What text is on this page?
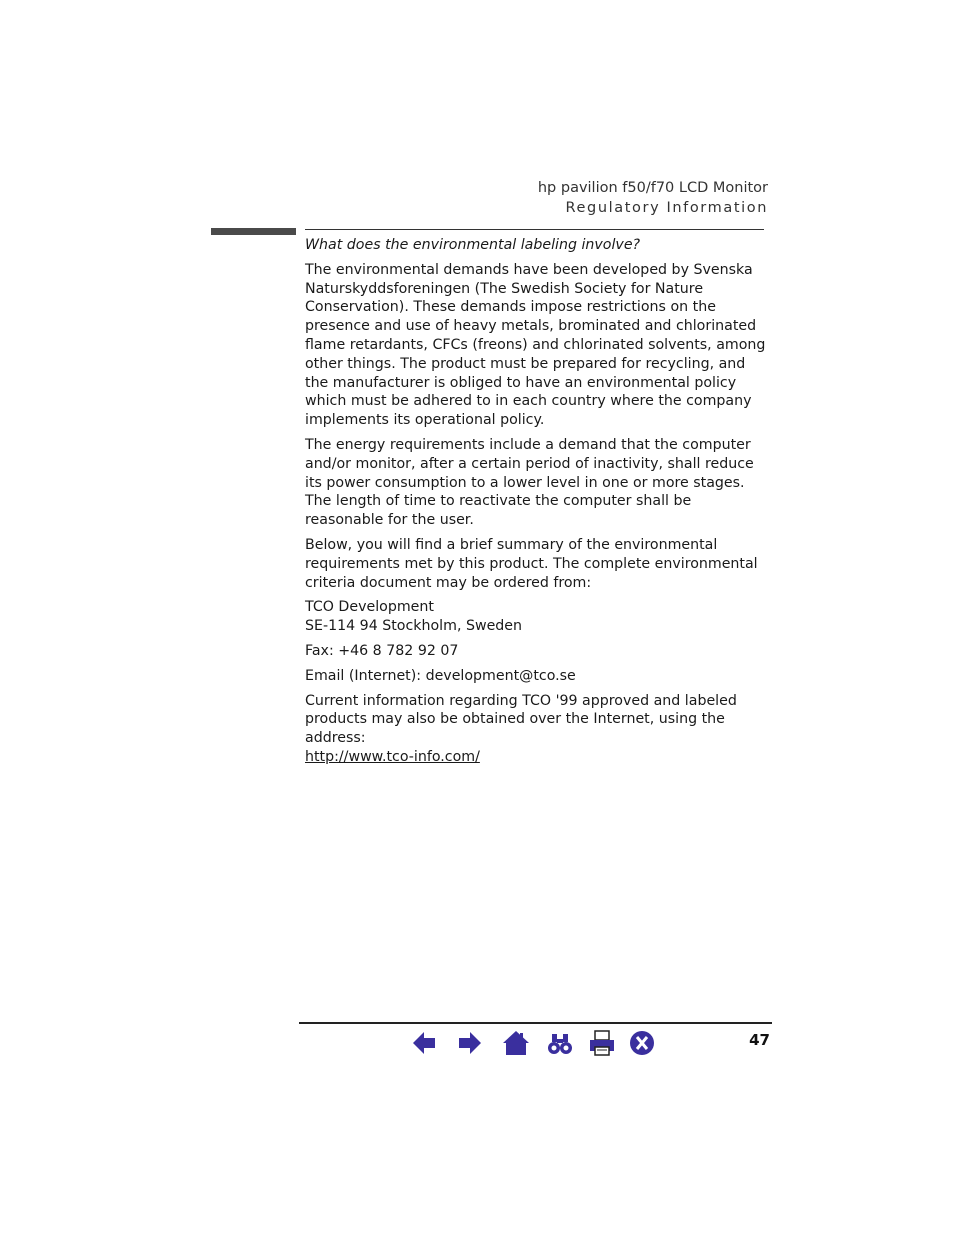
hp pavilion f50/f70 LCD Monitor
Regulatory Information

What does the environmental labeling involve?

The environmental demands have been developed by Svenska Naturskyddsforeningen (The Swedish Society for Nature Conservation). These demands impose restrictions on the presence and use of heavy metals, brominated and chlorinated flame retardants, CFCs (freons) and chlorinated solvents, among other things. The product must be prepared for recycling, and the manufacturer is obliged to have an environmental policy which must be adhered to in each country where the company implements its operational policy.

The energy requirements include a demand that the computer and/or monitor, after a certain period of inactivity, shall reduce its power consumption to a lower level in one or more stages. The length of time to reactivate the computer shall be reasonable for the user.

Below, you will find a brief summary of the environmental requirements met by this product. The complete environmental criteria document may be ordered from:

TCO Development
SE-114 94 Stockholm, Sweden

Fax: +46 8 782 92 07

Email (Internet): development@tco.se

Current information regarding TCO '99 approved and labeled products may also be obtained over the Internet, using the address:
http://www.tco-info.com/

47
